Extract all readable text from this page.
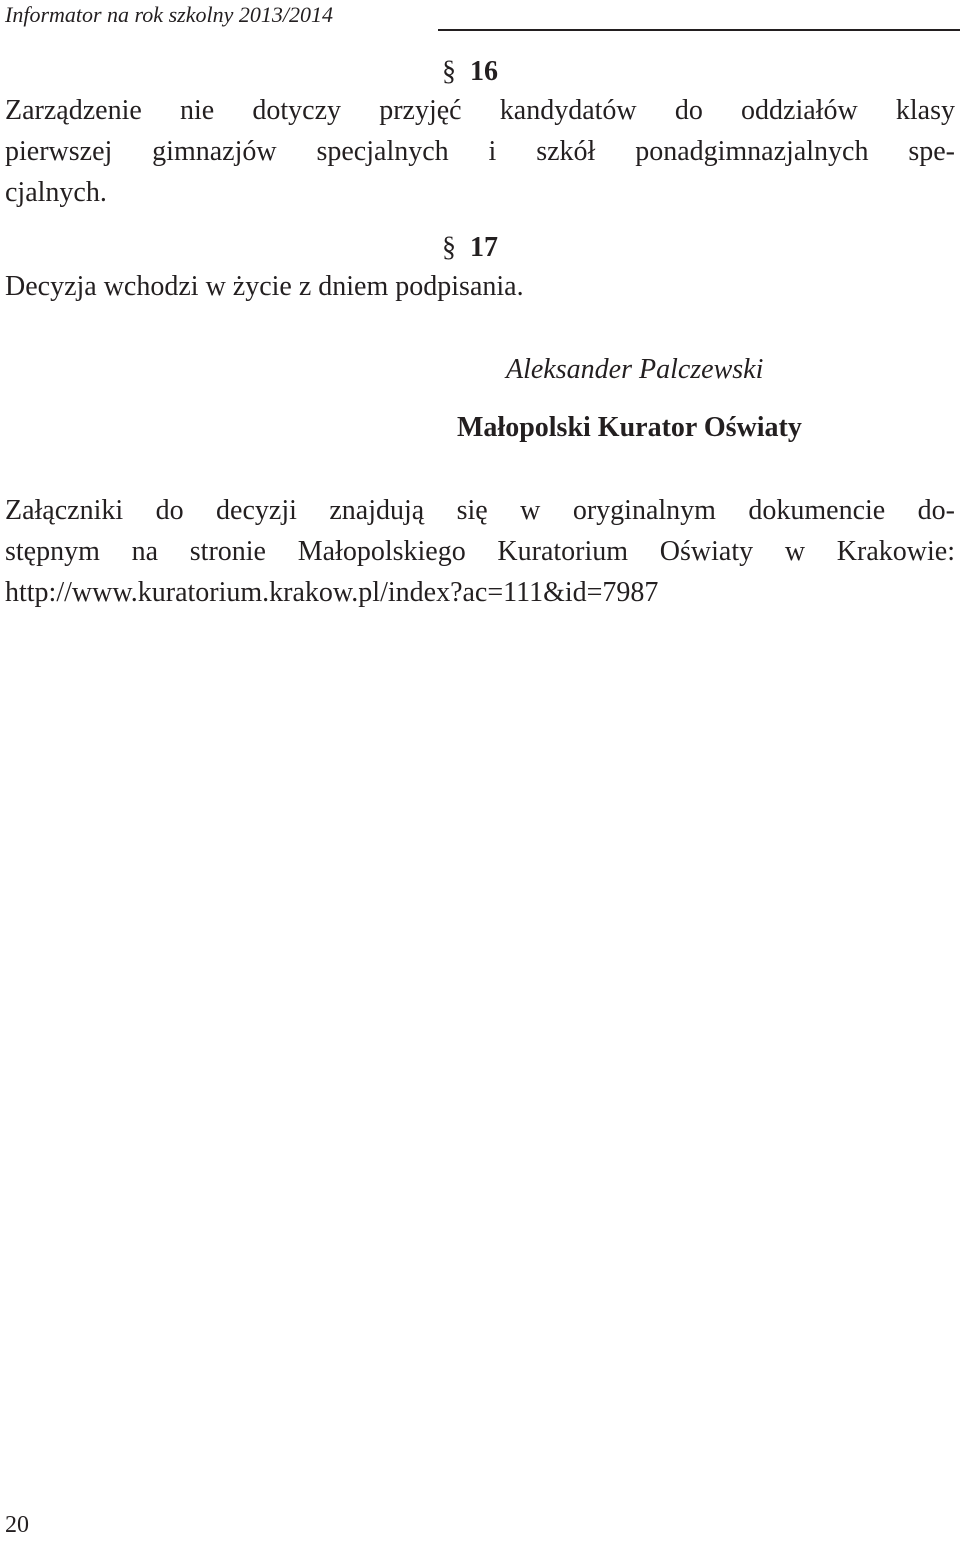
Informator na rok szkolny 2013/2014
§ 16
Zarządzenie nie dotyczy przyjęć kandydatów do oddziałów klasy
pierwszej gimnazjów specjalnych i szkół ponadgimnazjalnych spe-
cjalnych.
§ 17
Decyzja wchodzi w życie z dniem podpisania.
Aleksander Palczewski
Małopolski Kurator Oświaty
Załączniki do decyzji znajdują się w oryginalnym dokumencie do-
stępnym na stronie Małopolskiego Kuratorium Oświaty w Krakowie:
http://www.kuratorium.krakow.pl/index?ac=111&id=7987
20
